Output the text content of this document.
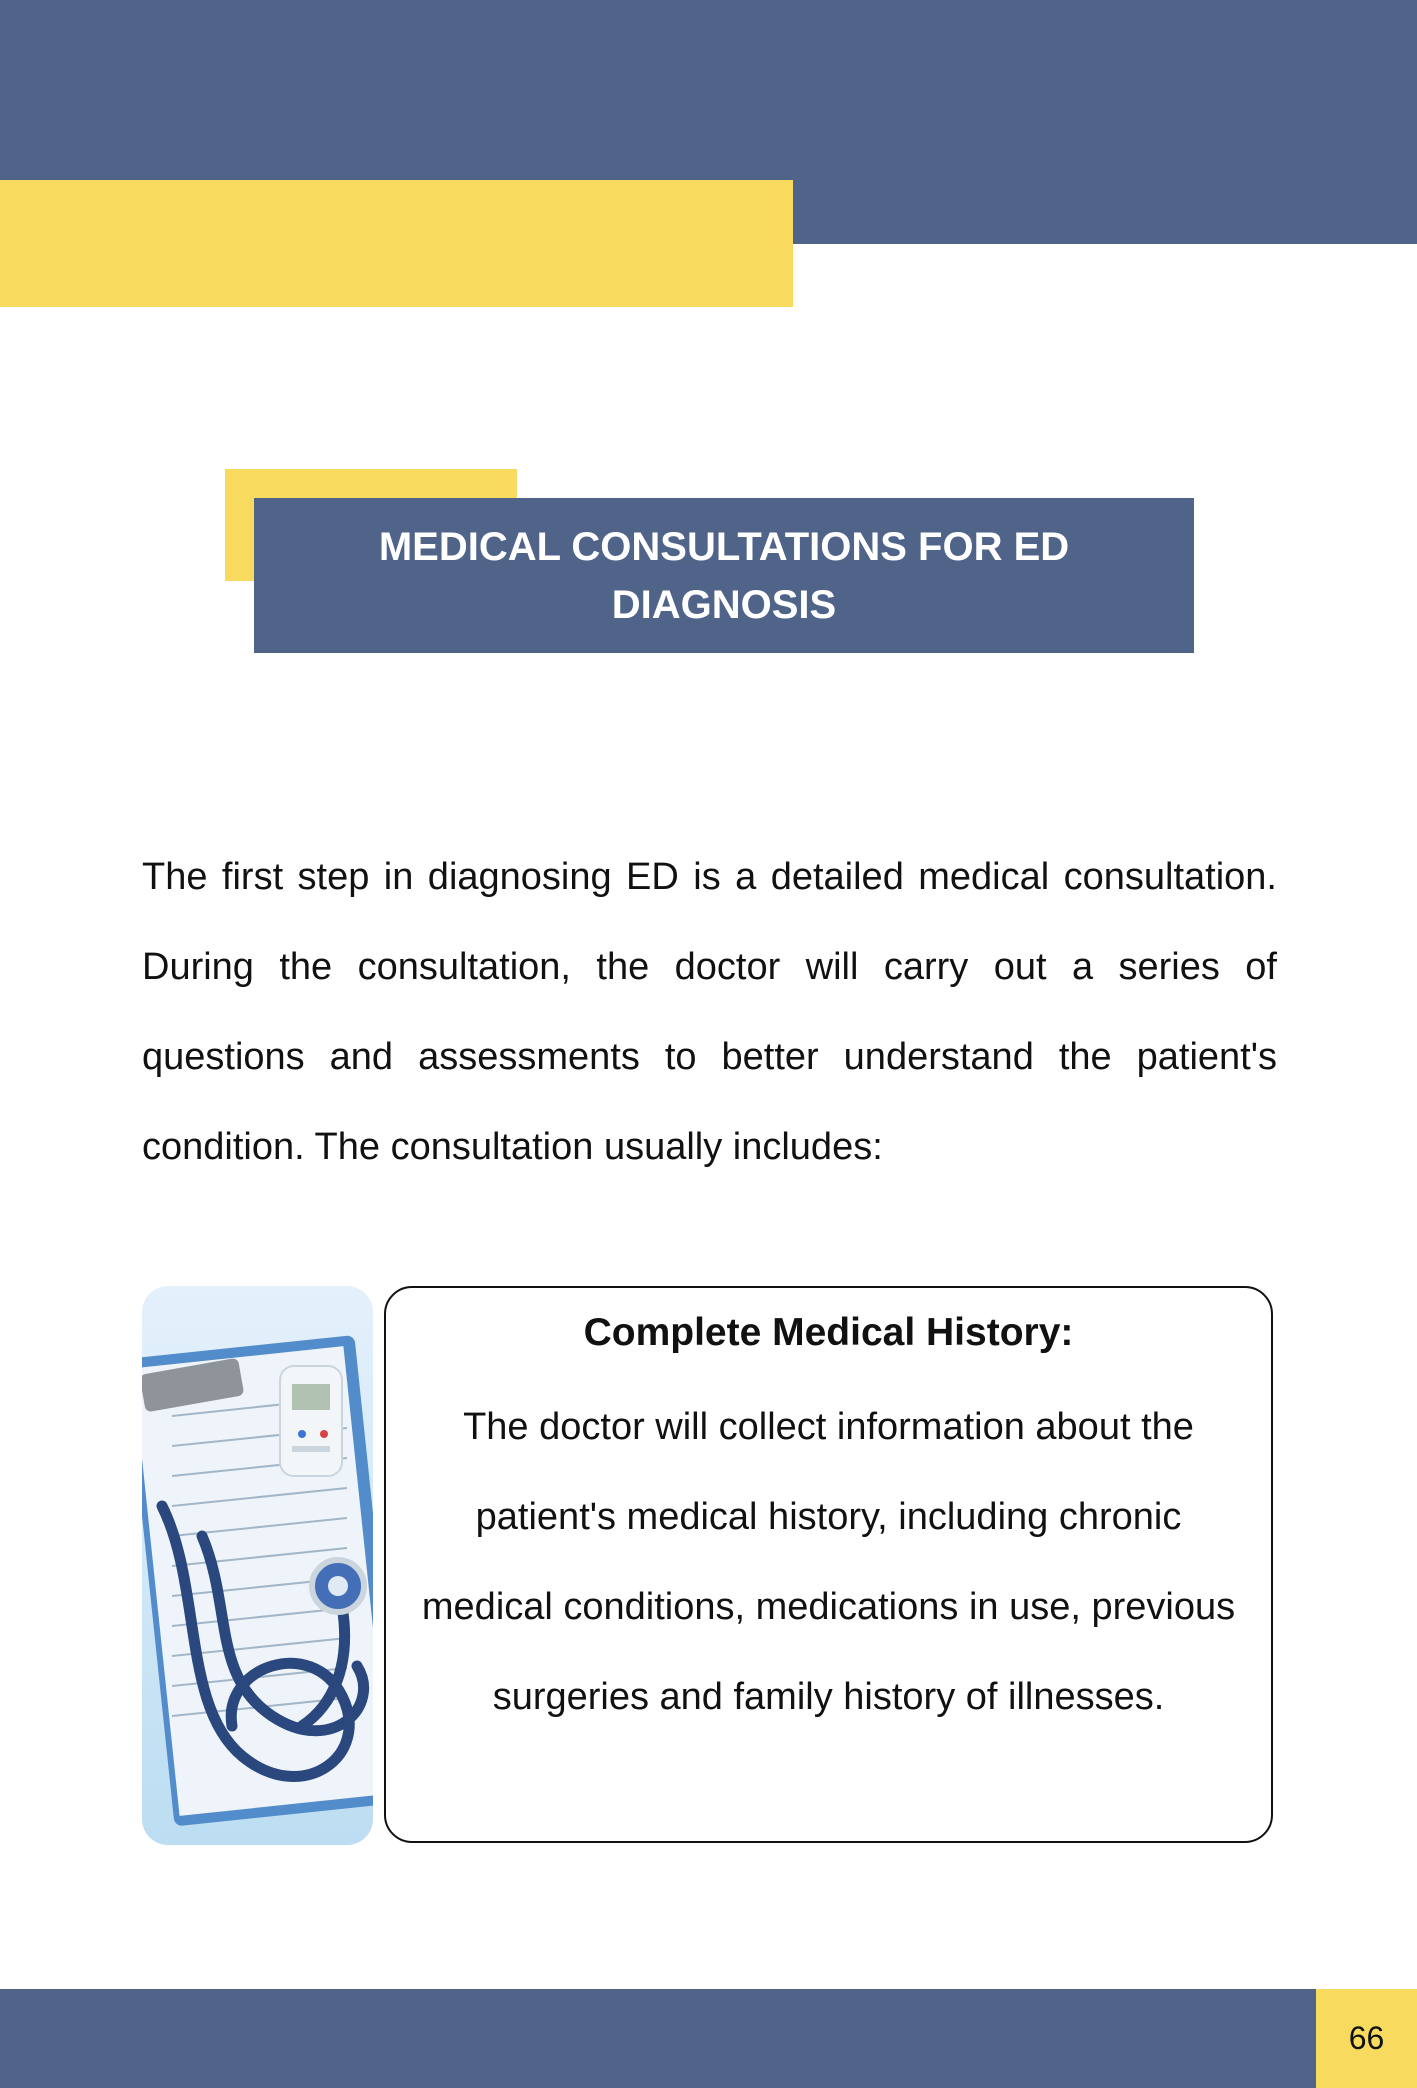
MEDICAL CONSULTATIONS FOR ED DIAGNOSIS

The first step in diagnosing ED is a detailed medical consultation. During the consultation, the doctor will carry out a series of questions and assessments to better understand the patient's condition. The consultation usually includes:

Complete Medical History:

The doctor will collect information about the patient's medical history, including chronic medical conditions, medications in use, previous surgeries and family history of illnesses.

66
